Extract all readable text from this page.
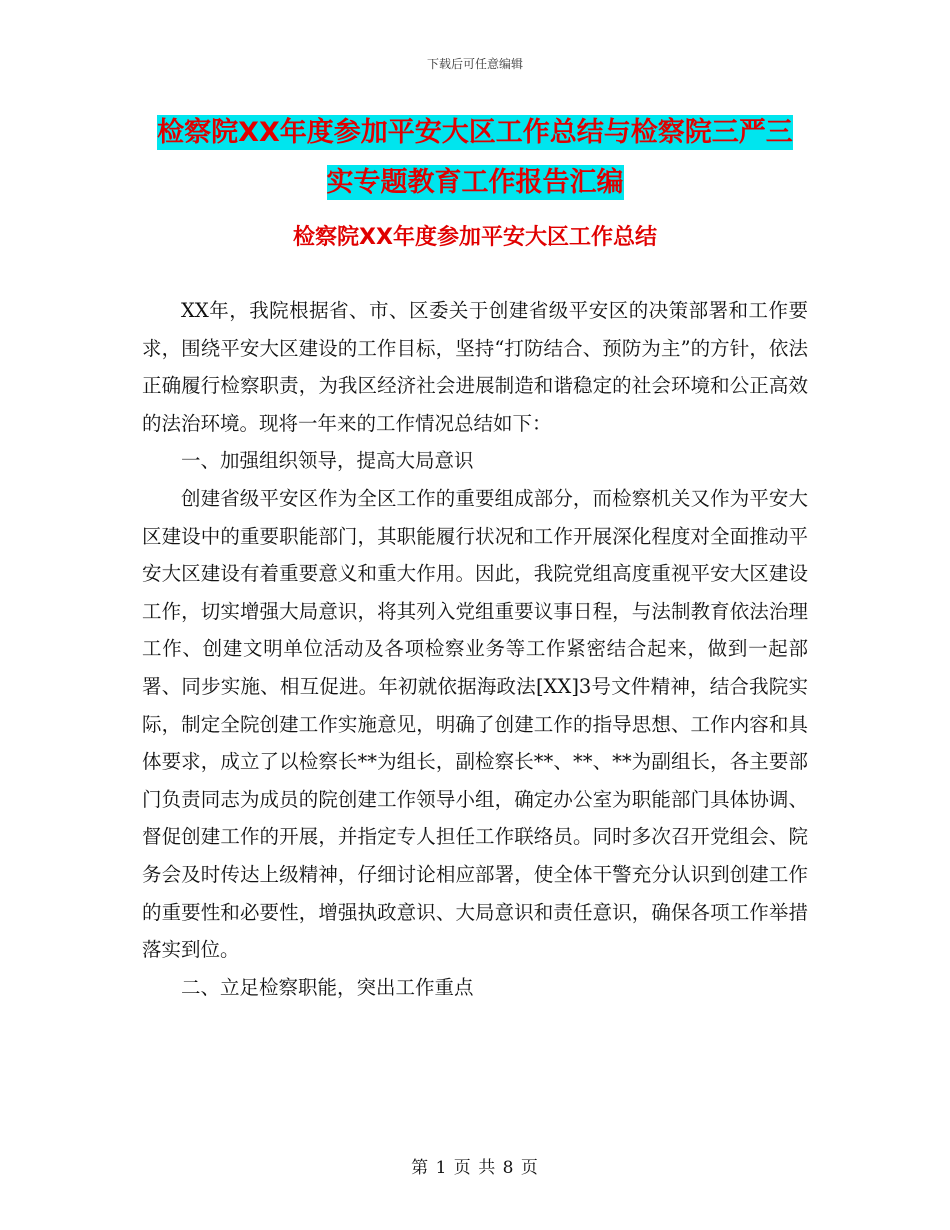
下载后可任意编辑
检察院XX年度参加平安大区工作总结与检察院三严三
实专题教育工作报告汇编
检察院XX年度参加平安大区工作总结

XX年，我院根据省、市、区委关于创建省级平安区的决策部署和工作要求，围绕平安大区建设的工作目标，坚持“打防结合、预防为主”的方针，依法正确履行检察职责，为我区经济社会进展制造和谐稳定的社会环境和公正高效的法治环境。现将一年来的工作情况总结如下：

一、加强组织领导，提高大局意识

创建省级平安区作为全区工作的重要组成部分，而检察机关又作为平安大区建设中的重要职能部门，其职能履行状况和工作开展深化程度对全面推动平安大区建设有着重要意义和重大作用。因此，我院党组高度重视平安大区建设工作，切实增强大局意识，将其列入党组重要议事日程，与法制教育依法治理工作、创建文明单位活动及各项检察业务等工作紧密结合起来，做到一起部署、同步实施、相互促进。年初就依据海政法[XX]3号文件精神，结合我院实际，制定全院创建工作实施意见，明确了创建工作的指导思想、工作内容和具体要求，成立了以检察长**为组长，副检察长**、**、**为副组长，各主要部门负责同志为成员的院创建工作领导小组，确定办公室为职能部门具体协调、督促创建工作的开展，并指定专人担任工作联络员。同时多次召开党组会、院务会及时传达上级精神，仔细讨论相应部署，使全体干警充分认识到创建工作的重要性和必要性，增强执政意识、大局意识和责任意识，确保各项工作举措落实到位。

二、立足检察职能，突出工作重点

第 1 页 共 8 页
